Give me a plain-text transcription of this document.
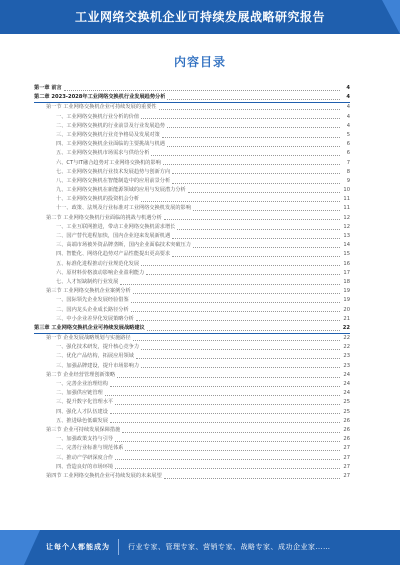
工业网络交换机企业可持续发展战略研究报告
内容目录
第一章 前言	4
第二章 2023-2028年工业网络交换机行业发展趋势分析	4
第一节 工业网络交换机企业可持续发展的重要性	4
一、工业网络交换机行业分析的价值	4
二、工业网络交换机的行业前景及行业发展趋势	4
三、工业网络交换机行业竞争格局及发展对策	5
四、工业网络交换机企业面临的主要挑战与机遇	6
五、工业网络交换机市场需求与供给分析	6
六、CT与IT融合趋势对工业网络交换机的影响	7
七、工业网络交换机行业技术发展趋势与创新方向	8
八、工业网络交换机在智能制造中的应用前景分析	9
九、工业网络交换机在新能源领域的应用与发展潜力分析	10
十、工业网络交换机的投资机会分析	11
十一、政策、法规及行业标准对工业网络交换机发展的影响	11
第二节 工业网络交换机行业面临的挑战与机遇分析	12
一、工业互联网推进，带动工业网络交换机需求增长	12
二、国产替代进程加快，国内企业迎来发展新机遇	13
三、高端市场被外资品牌垄断，国内企业面临技术突破压力	14
四、智能化、网络化趋势对产品性能提出更高要求	15
五、标准化进程推动行业规范化发展	16
六、原材料价格波动影响企业盈利能力	17
七、人才短缺制约行业发展	18
第三节 工业网络交换机企业案例分析	19
一、国际领先企业发展经验借鉴	19
二、国内龙头企业成长路径分析	20
三、中小企业差异化发展策略分析	21
第三章 工业网络交换机企业可持续发展战略建议	22
第一节 企业发展战略规划与实施路径	22
一、强化技术研发，提升核心竞争力	22
二、优化产品结构，拓展应用领域	23
三、加强品牌建设，提升市场影响力	23
第二节 企业经营管理创新策略	24
一、完善企业治理结构	24
二、加强供应链管理	24
三、提升数字化管理水平	25
四、强化人才队伍建设	25
五、推进绿色低碳发展	26
第三节 企业可持续发展保障措施	26
一、加强政策支持与引导	26
二、完善行业标准与规范体系	27
三、推动产学研深度合作	27
四、营造良好的市场环境	27
第四节 工业网络交换机企业可持续发展的未来展望	27
让每个人都能成为	行业专家、管理专家、营销专家、战略专家、成功企业家……
